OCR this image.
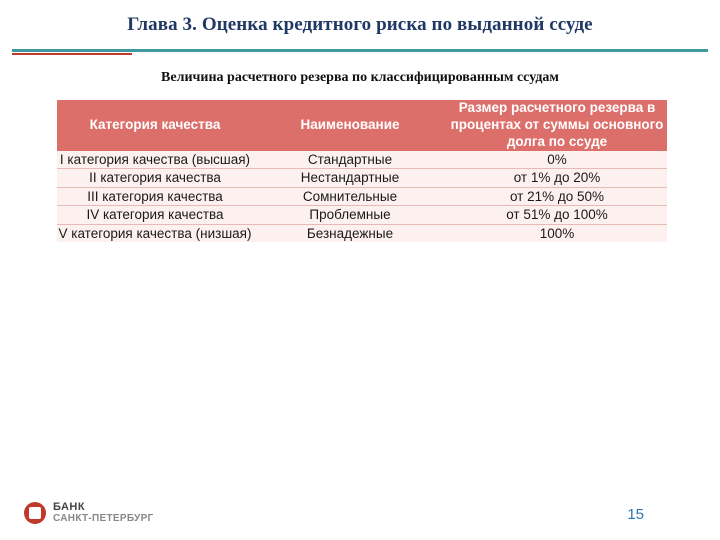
Глава 3. Оценка кредитного риска по выданной ссуде
Величина расчетного резерва по классифицированным ссудам
Категория качества	Наименование	Размер расчетного резерва в процентах от суммы основного долга по ссуде
I категория качества (высшая)	Стандартные	0%
II категория качества	Нестандартные	от 1% до 20%
III категория качества	Сомнительные	от 21% до 50%
IV категория качества	Проблемные	от 51% до 100%
V категория качества (низшая)	Безнадежные	100%
БАНК
САНКТ-ПЕТЕРБУРГ	15
